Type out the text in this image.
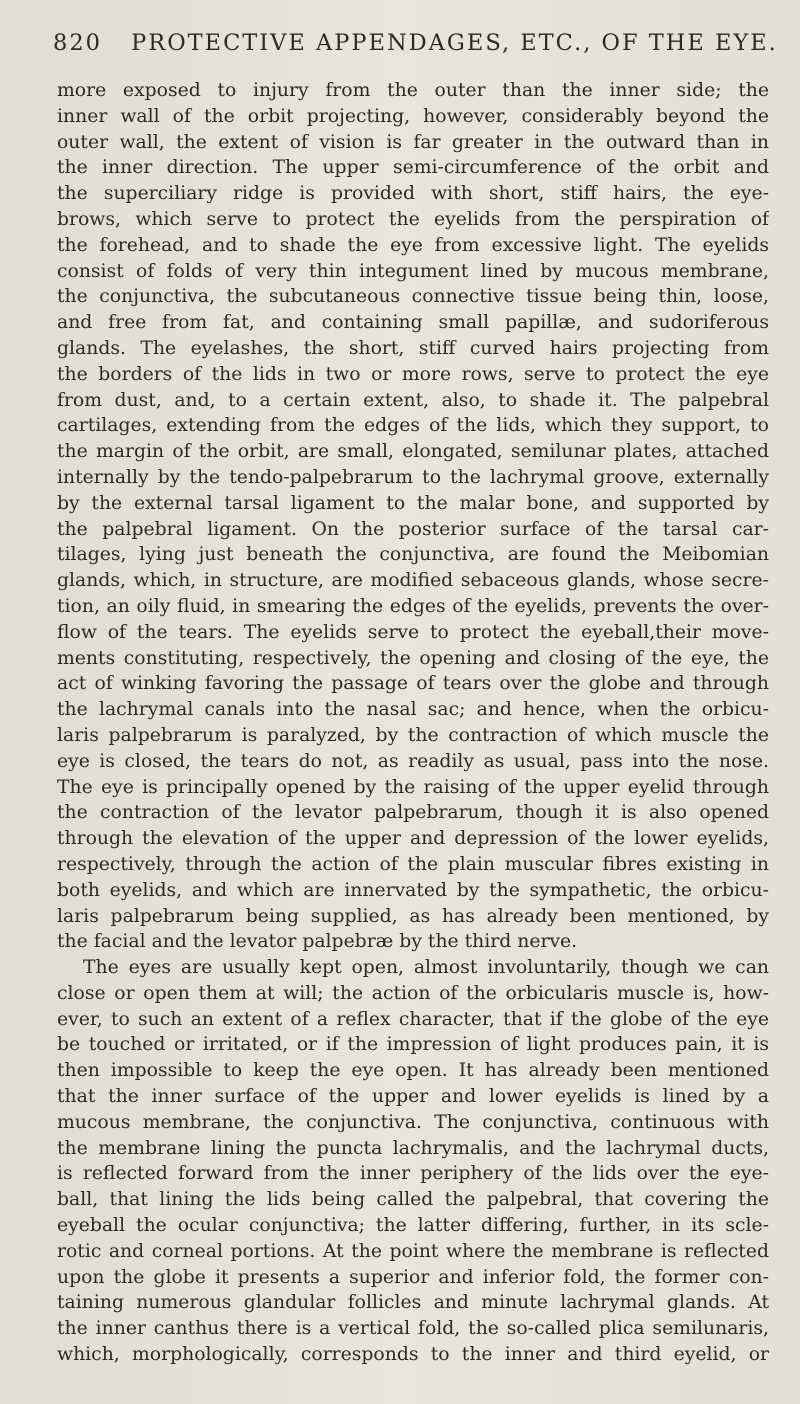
820 PROTECTIVE APPENDAGES, ETC., OF THE EYE.
more exposed to injury from the outer than the inner side; the
inner wall of the orbit projecting, however, considerably beyond the
outer wall, the extent of vision is far greater in the outward than in
the inner direction. The upper semi-circumference of the orbit and
the superciliary ridge is provided with short, stiff hairs, the eye-
brows, which serve to protect the eyelids from the perspiration of
the forehead, and to shade the eye from excessive light. The eyelids
consist of folds of very thin integument lined by mucous membrane,
the conjunctiva, the subcutaneous connective tissue being thin, loose,
and free from fat, and containing small papillæ, and sudoriferous
glands. The eyelashes, the short, stiff curved hairs projecting from
the borders of the lids in two or more rows, serve to protect the eye
from dust, and, to a certain extent, also, to shade it. The palpebral
cartilages, extending from the edges of the lids, which they support, to
the margin of the orbit, are small, elongated, semilunar plates, attached
internally by the tendo-palpebrarum to the lachrymal groove, externally
by the external tarsal ligament to the malar bone, and supported by
the palpebral ligament. On the posterior surface of the tarsal car-
tilages, lying just beneath the conjunctiva, are found the Meibomian
glands, which, in structure, are modified sebaceous glands, whose secre-
tion, an oily fluid, in smearing the edges of the eyelids, prevents the over-
flow of the tears. The eyelids serve to protect the eyeball,their move-
ments constituting, respectively, the opening and closing of the eye, the
act of winking favoring the passage of tears over the globe and through
the lachrymal canals into the nasal sac; and hence, when the orbicu-
laris palpebrarum is paralyzed, by the contraction of which muscle the
eye is closed, the tears do not, as readily as usual, pass into the nose.
The eye is principally opened by the raising of the upper eyelid through
the contraction of the levator palpebrarum, though it is also opened
through the elevation of the upper and depression of the lower eyelids,
respectively, through the action of the plain muscular fibres existing in
both eyelids, and which are innervated by the sympathetic, the orbicu-
laris palpebrarum being supplied, as has already been mentioned, by
the facial and the levator palpebræ by the third nerve.
The eyes are usually kept open, almost involuntarily, though we can
close or open them at will; the action of the orbicularis muscle is, how-
ever, to such an extent of a reflex character, that if the globe of the eye
be touched or irritated, or if the impression of light produces pain, it is
then impossible to keep the eye open. It has already been mentioned
that the inner surface of the upper and lower eyelids is lined by a
mucous membrane, the conjunctiva. The conjunctiva, continuous with
the membrane lining the puncta lachrymalis, and the lachrymal ducts,
is reflected forward from the inner periphery of the lids over the eye-
ball, that lining the lids being called the palpebral, that covering the
eyeball the ocular conjunctiva; the latter differing, further, in its scle-
rotic and corneal portions. At the point where the membrane is reflected
upon the globe it presents a superior and inferior fold, the former con-
taining numerous glandular follicles and minute lachrymal glands. At
the inner canthus there is a vertical fold, the so-called plica semilunaris,
which, morphologically, corresponds to the inner and third eyelid, or
